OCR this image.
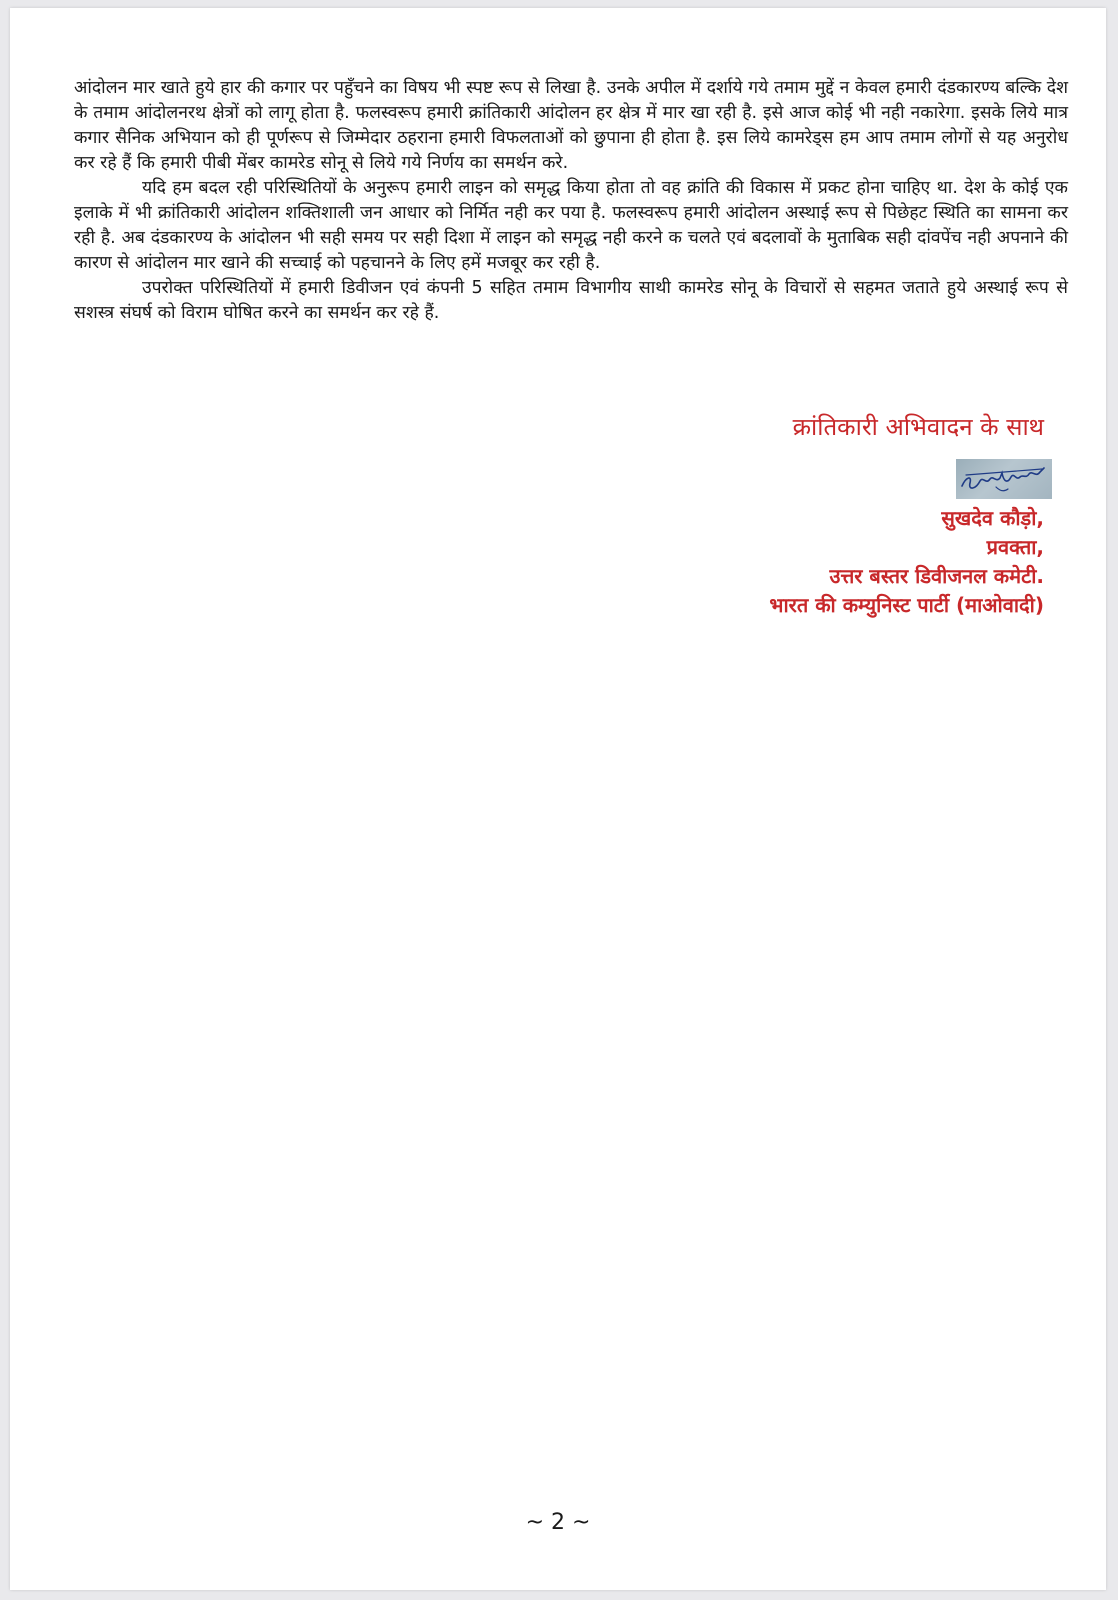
आंदोलन मार खाते हुये हार की कगार पर पहुँचने का विषय भी स्पष्ट रूप से लिखा है. उनके अपील में दर्शाये गये तमाम मुद्दें न केवल हमारी दंडकारण्य बल्कि देश के तमाम आंदोलनरथ क्षेत्रों को लागू होता है. फलस्वरूप हमारी क्रांतिकारी आंदोलन हर क्षेत्र में मार खा रही है. इसे आज कोई भी नही नकारेगा. इसके लिये मात्र कगार सैनिक अभियान को ही पूर्णरूप से जिम्मेदार ठहराना हमारी विफलताओं को छुपाना ही होता है. इस लिये कामरेड्स हम आप तमाम लोगों से यह अनुरोध कर रहे हैं कि हमारी पीबी मेंबर कामरेड सोनू से लिये गये निर्णय का समर्थन करे.

यदि हम बदल रही परिस्थितियों के अनुरूप हमारी लाइन को समृद्ध किया होता तो वह क्रांति की विकास में प्रकट होना चाहिए था. देश के कोई एक इलाके में भी क्रांतिकारी आंदोलन शक्तिशाली जन आधार को निर्मित नही कर पया है. फलस्वरूप हमारी आंदोलन अस्थाई रूप से पिछेहट स्थिति का सामना कर रही है. अब दंडकारण्य के आंदोलन भी सही समय पर सही दिशा में लाइन को समृद्ध नही करने क चलते एवं बदलावों के मुताबिक सही दांवपेंच नही अपनाने की कारण से आंदोलन मार खाने की सच्चाई को पहचानने के लिए हमें मजबूर कर रही है.

उपरोक्त परिस्थितियों में हमारी डिवीजन एवं कंपनी 5 सहित तमाम विभागीय साथी कामरेड सोनू के विचारों से सहमत जताते हुये अस्थाई रूप से सशस्त्र संघर्ष को विराम घोषित करने का समर्थन कर रहे हैं.

क्रांतिकारी अभिवादन के साथ
सुखदेव कौड़ो,
प्रवक्ता,
उत्तर बस्तर डिवीजनल कमेटी.
भारत की कम्युनिस्ट पार्टी (माओवादी)
~ 2 ~
